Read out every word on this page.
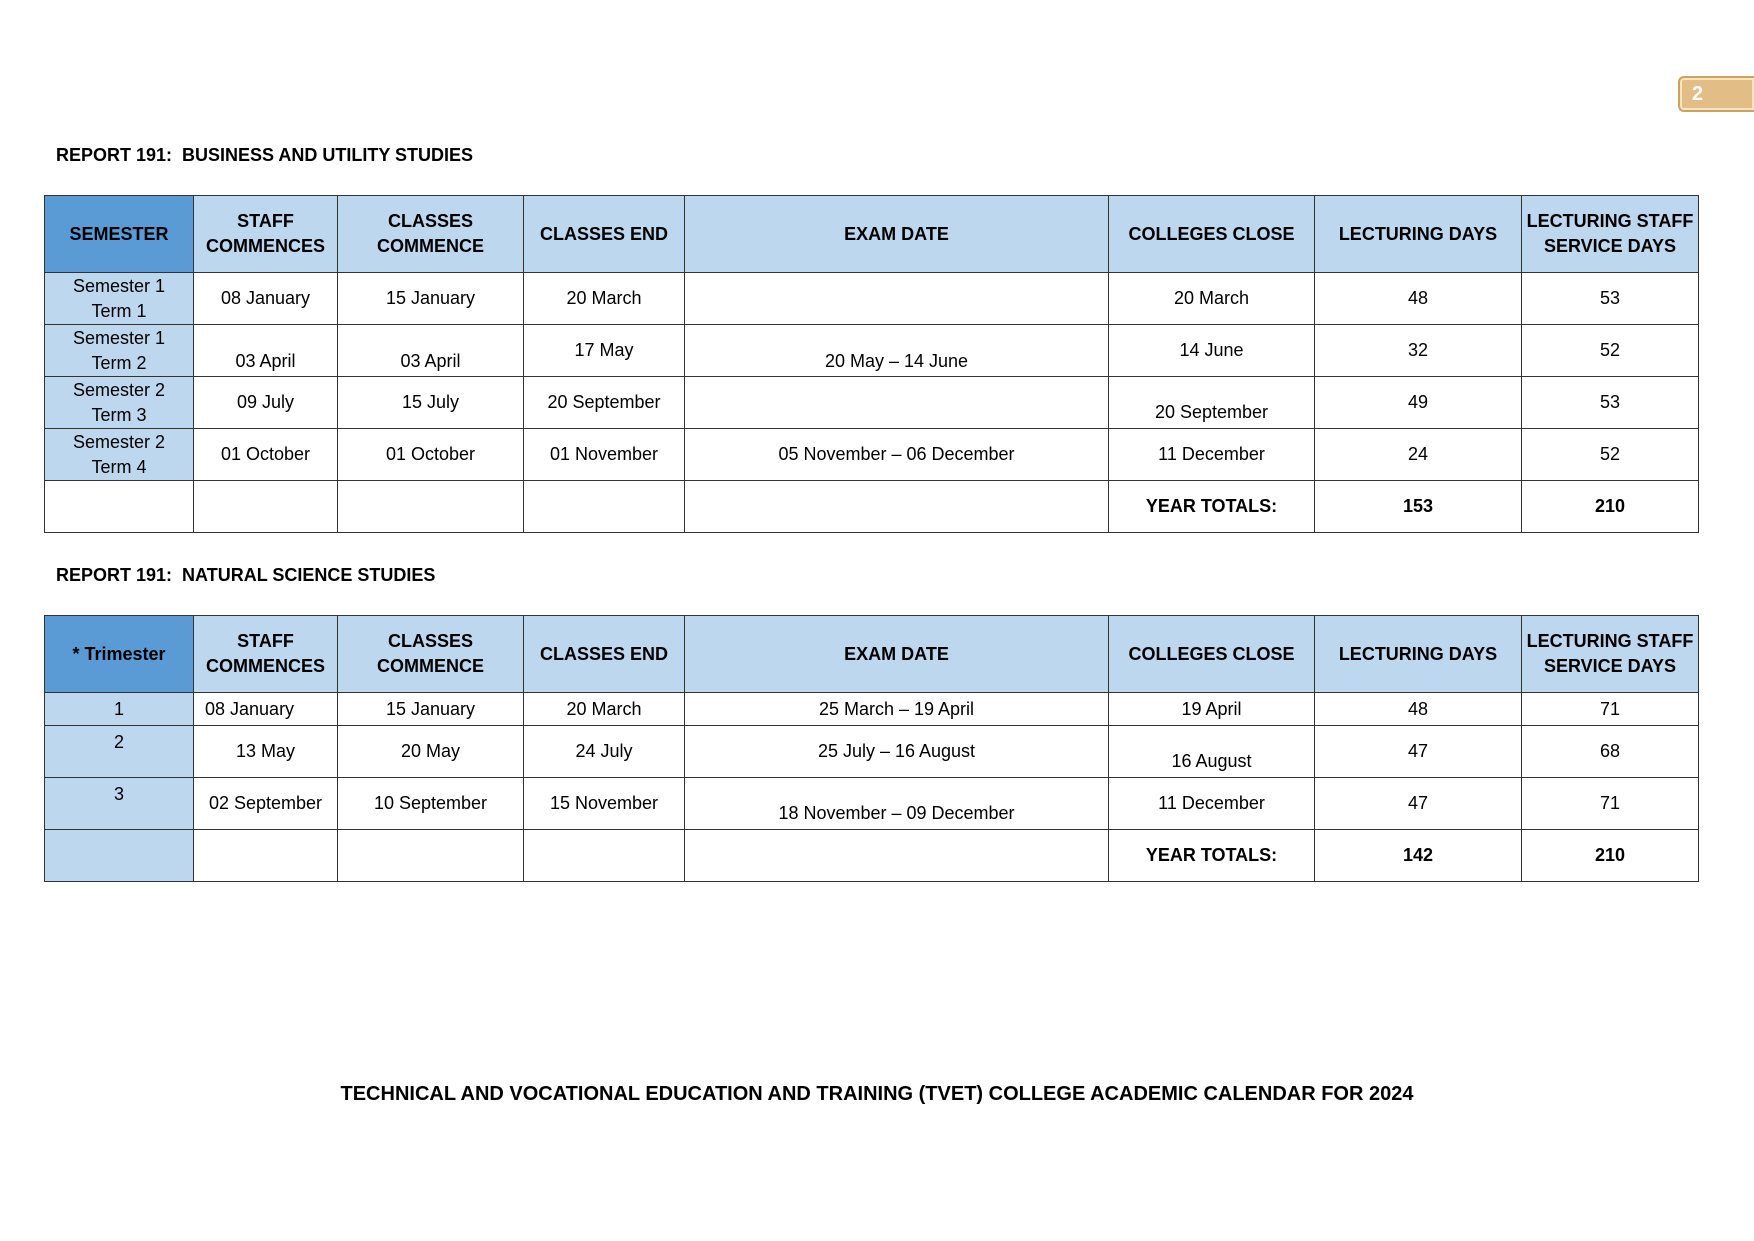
2
REPORT 191:  BUSINESS AND UTILITY STUDIES
SEMESTER	STAFF COMMENCES	CLASSES COMMENCE	CLASSES END	EXAM DATE	COLLEGES CLOSE	LECTURING DAYS	LECTURING STAFF SERVICE DAYS
Semester 1
Term 1	08 January	15 January	20 March		20 March	48	53
Semester 1
Term 2	03 April	03 April	17 May	20 May – 14 June	14 June	32	52
Semester 2
Term 3	09 July	15 July	20 September		20 September	49	53
Semester 2
Term 4	01 October	01 October	01 November	05 November – 06 December	11 December	24	52
					YEAR TOTALS:	153	210
REPORT 191:  NATURAL SCIENCE STUDIES
* Trimester	STAFF COMMENCES	CLASSES COMMENCE	CLASSES END	EXAM DATE	COLLEGES CLOSE	LECTURING DAYS	LECTURING STAFF SERVICE DAYS
1	08 January	15 January	20 March	25 March – 19 April	19 April	48	71
2	13 May	20 May	24 July	25 July – 16 August	16 August	47	68
3	02 September	10 September	15 November	18 November – 09 December	11 December	47	71
					YEAR TOTALS:	142	210
TECHNICAL AND VOCATIONAL EDUCATION AND TRAINING (TVET) COLLEGE ACADEMIC CALENDAR FOR 2024
